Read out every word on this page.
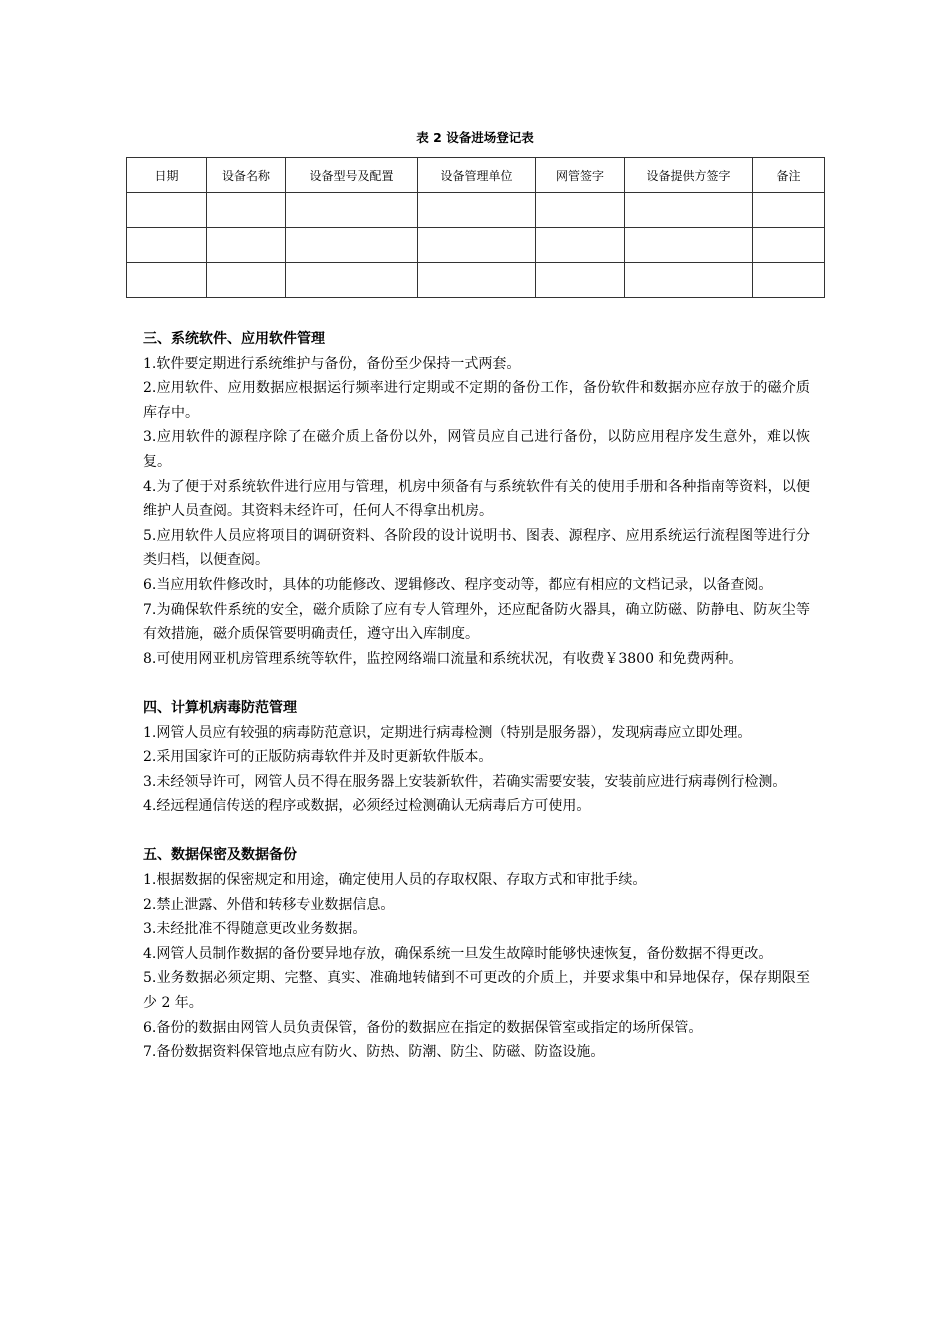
表 2 设备进场登记表
日期	设备名称	设备型号及配置	设备管理单位	网管签字	设备提供方签字	备注

三、系统软件、应用软件管理

1.软件要定期进行系统维护与备份，备份至少保持一式两套。

2.应用软件、应用数据应根据运行频率进行定期或不定期的备份工作，备份软件和数据亦应存放于的磁介质库存中。

3.应用软件的源程序除了在磁介质上备份以外，网管员应自己进行备份，以防应用程序发生意外，难以恢复。

4.为了便于对系统软件进行应用与管理，机房中须备有与系统软件有关的使用手册和各种指南等资料，以便维护人员查阅。其资料未经许可，任何人不得拿出机房。

5.应用软件人员应将项目的调研资料、各阶段的设计说明书、图表、源程序、应用系统运行流程图等进行分类归档，以便查阅。

6.当应用软件修改时，具体的功能修改、逻辑修改、程序变动等，都应有相应的文档记录，以备查阅。

7.为确保软件系统的安全，磁介质除了应有专人管理外，还应配备防火器具，确立防磁、防静电、防灰尘等有效措施，磁介质保管要明确责任，遵守出入库制度。

8.可使用网亚机房管理系统等软件，监控网络端口流量和系统状况，有收费￥3800 和免费两种。

四、计算机病毒防范管理

1.网管人员应有较强的病毒防范意识，定期进行病毒检测（特别是服务器），发现病毒应立即处理。

2.采用国家许可的正版防病毒软件并及时更新软件版本。

3.未经领导许可，网管人员不得在服务器上安装新软件，若确实需要安装，安装前应进行病毒例行检测。

4.经远程通信传送的程序或数据，必须经过检测确认无病毒后方可使用。

五、数据保密及数据备份

1.根据数据的保密规定和用途，确定使用人员的存取权限、存取方式和审批手续。

2.禁止泄露、外借和转移专业数据信息。

3.未经批准不得随意更改业务数据。

4.网管人员制作数据的备份要异地存放，确保系统一旦发生故障时能够快速恢复，备份数据不得更改。

5.业务数据必须定期、完整、真实、准确地转储到不可更改的介质上，并要求集中和异地保存，保存期限至少 2 年。

6.备份的数据由网管人员负责保管，备份的数据应在指定的数据保管室或指定的场所保管。

7.备份数据资料保管地点应有防火、防热、防潮、防尘、防磁、防盗设施。
